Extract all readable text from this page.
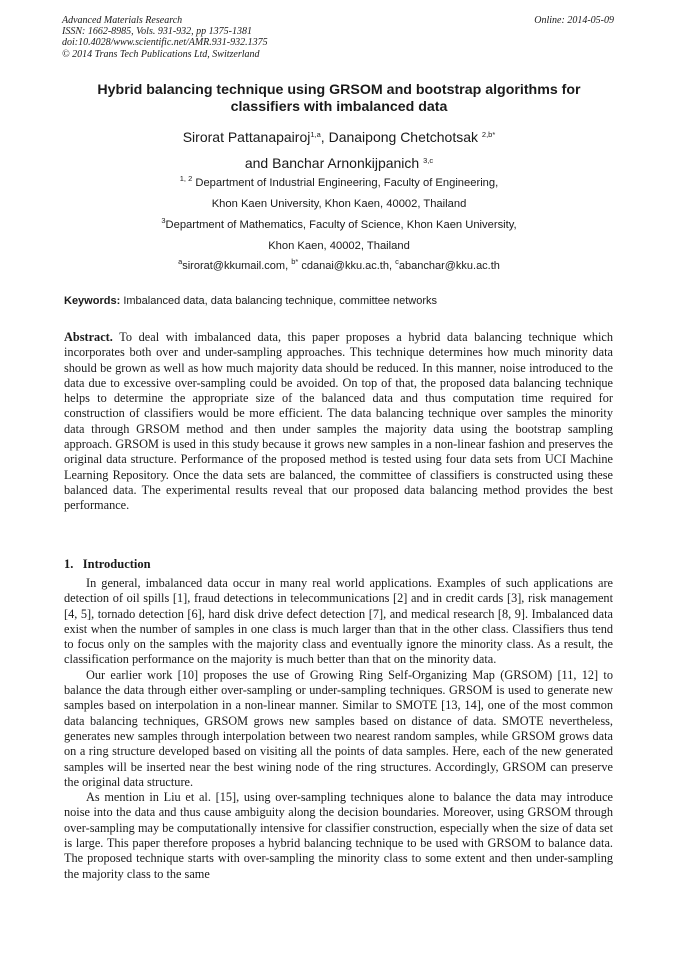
Advanced Materials Research
ISSN: 1662-8985, Vols. 931-932, pp 1375-1381
doi:10.4028/www.scientific.net/AMR.931-932.1375
© 2014 Trans Tech Publications Ltd, Switzerland
Online: 2014-05-09
Hybrid balancing technique using GRSOM and bootstrap algorithms for
classifiers with imbalanced data
Sirorat Pattanapairoj$^{1,a}$, Danaipong Chetchotsak $^{2,b*}$
and Banchar Arnonkijpanich $^{3,c}$
$^{1, 2}$ Department of Industrial Engineering, Faculty of Engineering,
Khon Kaen University, Khon Kaen, 40002, Thailand
$^3$Department of Mathematics, Faculty of Science, Khon Kaen University,
Khon Kaen, 40002, Thailand
$^a$sirorat@kkumail.com, $^{b*}$ cdanai@kku.ac.th, $^c$abanchar@kku.ac.th
Keywords: Imbalanced data, data balancing technique, committee networks
Abstract. To deal with imbalanced data, this paper proposes a hybrid data balancing technique which incorporates both over and under-sampling approaches. This technique determines how much minority data should be grown as well as how much majority data should be reduced. In this manner, noise introduced to the data due to excessive over-sampling could be avoided. On top of that, the proposed data balancing technique helps to determine the appropriate size of the balanced data and thus computation time required for construction of classifiers would be more efficient. The data balancing technique over samples the minority data through GRSOM method and then under samples the majority data using the bootstrap sampling approach. GRSOM is used in this study because it grows new samples in a non-linear fashion and preserves the original data structure. Performance of the proposed method is tested using four data sets from UCI Machine Learning Repository. Once the data sets are balanced, the committee of classifiers is constructed using these balanced data. The experimental results reveal that our proposed data balancing method provides the best performance.
1. Introduction

In general, imbalanced data occur in many real world applications. Examples of such applications are detection of oil spills [1], fraud detections in telecommunications [2] and in credit cards [3], risk management [4, 5], tornado detection [6], hard disk drive defect detection [7], and medical research [8, 9]. Imbalanced data exist when the number of samples in one class is much larger than that in the other class. Classifiers thus tend to focus only on the samples with the majority class and eventually ignore the minority class. As a result, the classification performance on the majority is much better than that on the minority data.

Our earlier work [10] proposes the use of Growing Ring Self-Organizing Map (GRSOM) [11, 12] to balance the data through either over-sampling or under-sampling techniques. GRSOM is used to generate new samples based on interpolation in a non-linear manner. Similar to SMOTE [13, 14], one of the most common data balancing techniques, GRSOM grows new samples based on distance of data. SMOTE nevertheless, generates new samples through interpolation between two nearest random samples, while GRSOM grows data on a ring structure developed based on visiting all the points of data samples. Here, each of the new generated samples will be inserted near the best wining node of the ring structures. Accordingly, GRSOM can preserve the original data structure.

As mention in Liu et al. [15], using over-sampling techniques alone to balance the data may introduce noise into the data and thus cause ambiguity along the decision boundaries. Moreover, using GRSOM through over-sampling may be computationally intensive for classifier construction, especially when the size of data set is large. This paper therefore proposes a hybrid balancing technique to be used with GRSOM to balance data. The proposed technique starts with over-sampling the minority class to some extent and then under-sampling the majority class to the same
